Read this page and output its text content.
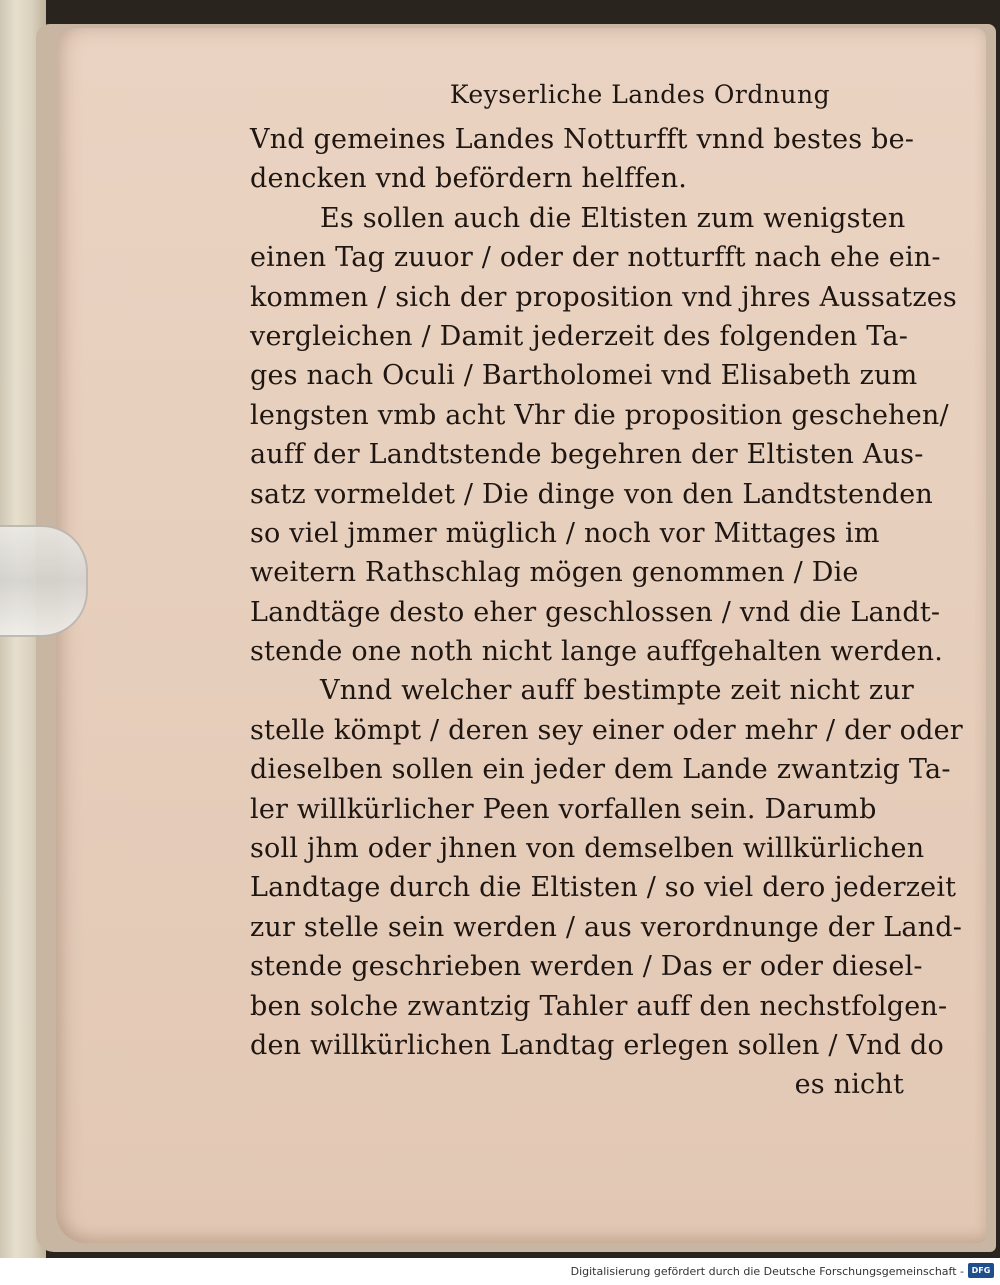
Keyserliche Landes Ordnung
Vnd gemeines Landes Notturfft vnnd bestes be-
dencken vnd befördern helffen.
Es sollen auch die Eltisten zum wenigsten
einen Tag zuuor / oder der notturfft nach ehe ein-
kommen / sich der proposition vnd jhres Aussatzes
vergleichen / Damit jederzeit des folgenden Ta-
ges nach Oculi / Bartholomei vnd Elisabeth zum
lengsten vmb acht Vhr die proposition geschehen/
auff der Landtstende begehren der Eltisten Aus-
satz vormeldet / Die dinge von den Landtstenden
so viel jmmer müglich / noch vor Mittages im
weitern Rathschlag mögen genommen / Die
Landtäge desto eher geschlossen / vnd die Landt-
stende one noth nicht lange auffgehalten werden.
Vnnd welcher auff bestimpte zeit nicht zur
stelle kömpt / deren sey einer oder mehr / der oder
dieselben sollen ein jeder dem Lande zwantzig Ta-
ler willkürlicher Peen vorfallen sein. Darumb
soll jhm oder jhnen von demselben willkürlichen
Landtage durch die Eltisten / so viel dero jederzeit
zur stelle sein werden / aus verordnunge der Land-
stende geschrieben werden / Das er oder diesel-
ben solche zwantzig Tahler auff den nechstfolgen-
den willkürlichen Landtag erlegen sollen / Vnd do
es nicht
Digitalisierung gefördert durch die Deutsche Forschungsgemeinschaft - DFG
